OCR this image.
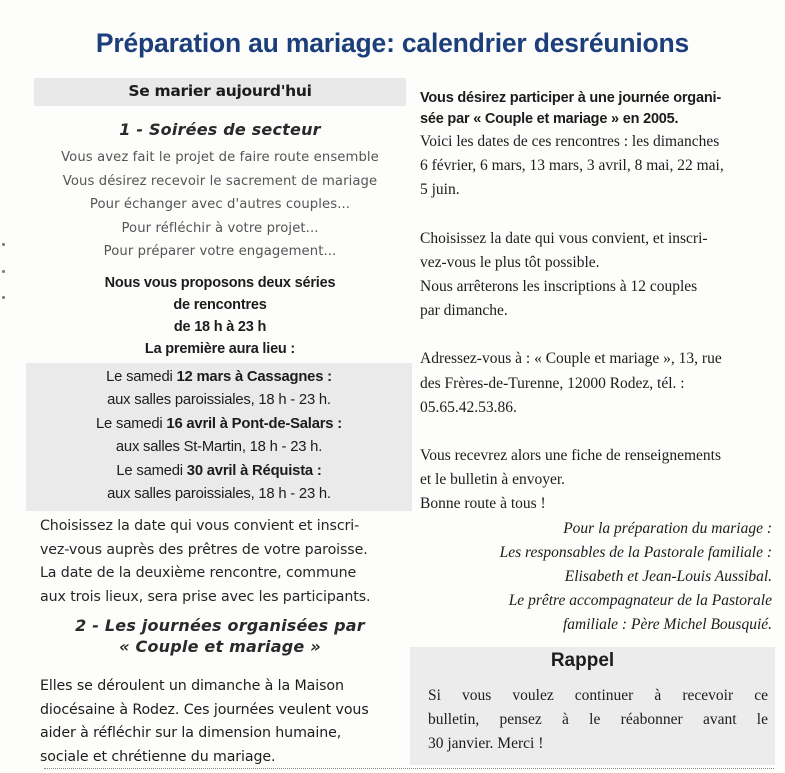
Préparation au mariage: calendrier desréunions
Se marier aujourd'hui
1 - Soirées de secteur
Vous avez fait le projet de faire route ensemble
Vous désirez recevoir le sacrement de mariage
Pour échanger avec d'autres couples...
Pour réfléchir à votre projet...
Pour préparer votre engagement...
Nous vous proposons deux séries
de rencontres
de 18 h à 23 h
La première aura lieu :
Le samedi 12 mars à Cassagnes :
aux salles paroissiales, 18 h - 23 h.
Le samedi 16 avril à Pont-de-Salars :
aux salles St-Martin, 18 h - 23 h.
Le samedi 30 avril à Réquista :
aux salles paroissiales, 18 h - 23 h.
Choisissez la date qui vous convient et inscri-
vez-vous auprès des prêtres de votre paroisse.
La date de la deuxième rencontre, commune
aux trois lieux, sera prise avec les participants.
2 - Les journées organisées par
« Couple et mariage »
Elles se déroulent un dimanche à la Maison
diocésaine à Rodez. Ces journées veulent vous
aider à réfléchir sur la dimension humaine,
sociale et chrétienne du mariage.
Vous désirez participer à une journée organi-
sée par « Couple et mariage » en 2005.
Voici les dates de ces rencontres : les dimanches
6 février, 6 mars, 13 mars, 3 avril, 8 mai, 22 mai,
5 juin.
Choisissez la date qui vous convient, et inscri-
vez-vous le plus tôt possible.
Nous arrêterons les inscriptions à 12 couples
par dimanche.
Adressez-vous à : « Couple et mariage », 13, rue
des Frères-de-Turenne, 12000 Rodez, tél. :
05.65.42.53.86.
Vous recevrez alors une fiche de renseignements
et le bulletin à envoyer.
Bonne route à tous !
Pour la préparation du mariage :
Les responsables de la Pastorale familiale :
Elisabeth et Jean-Louis Aussibal.
Le prêtre accompagnateur de la Pastorale
familiale : Père Michel Bousquié.
Rappel
Si vous voulez continuer à recevoir ce
bulletin, pensez à le réabonner avant le
30 janvier. Merci !
